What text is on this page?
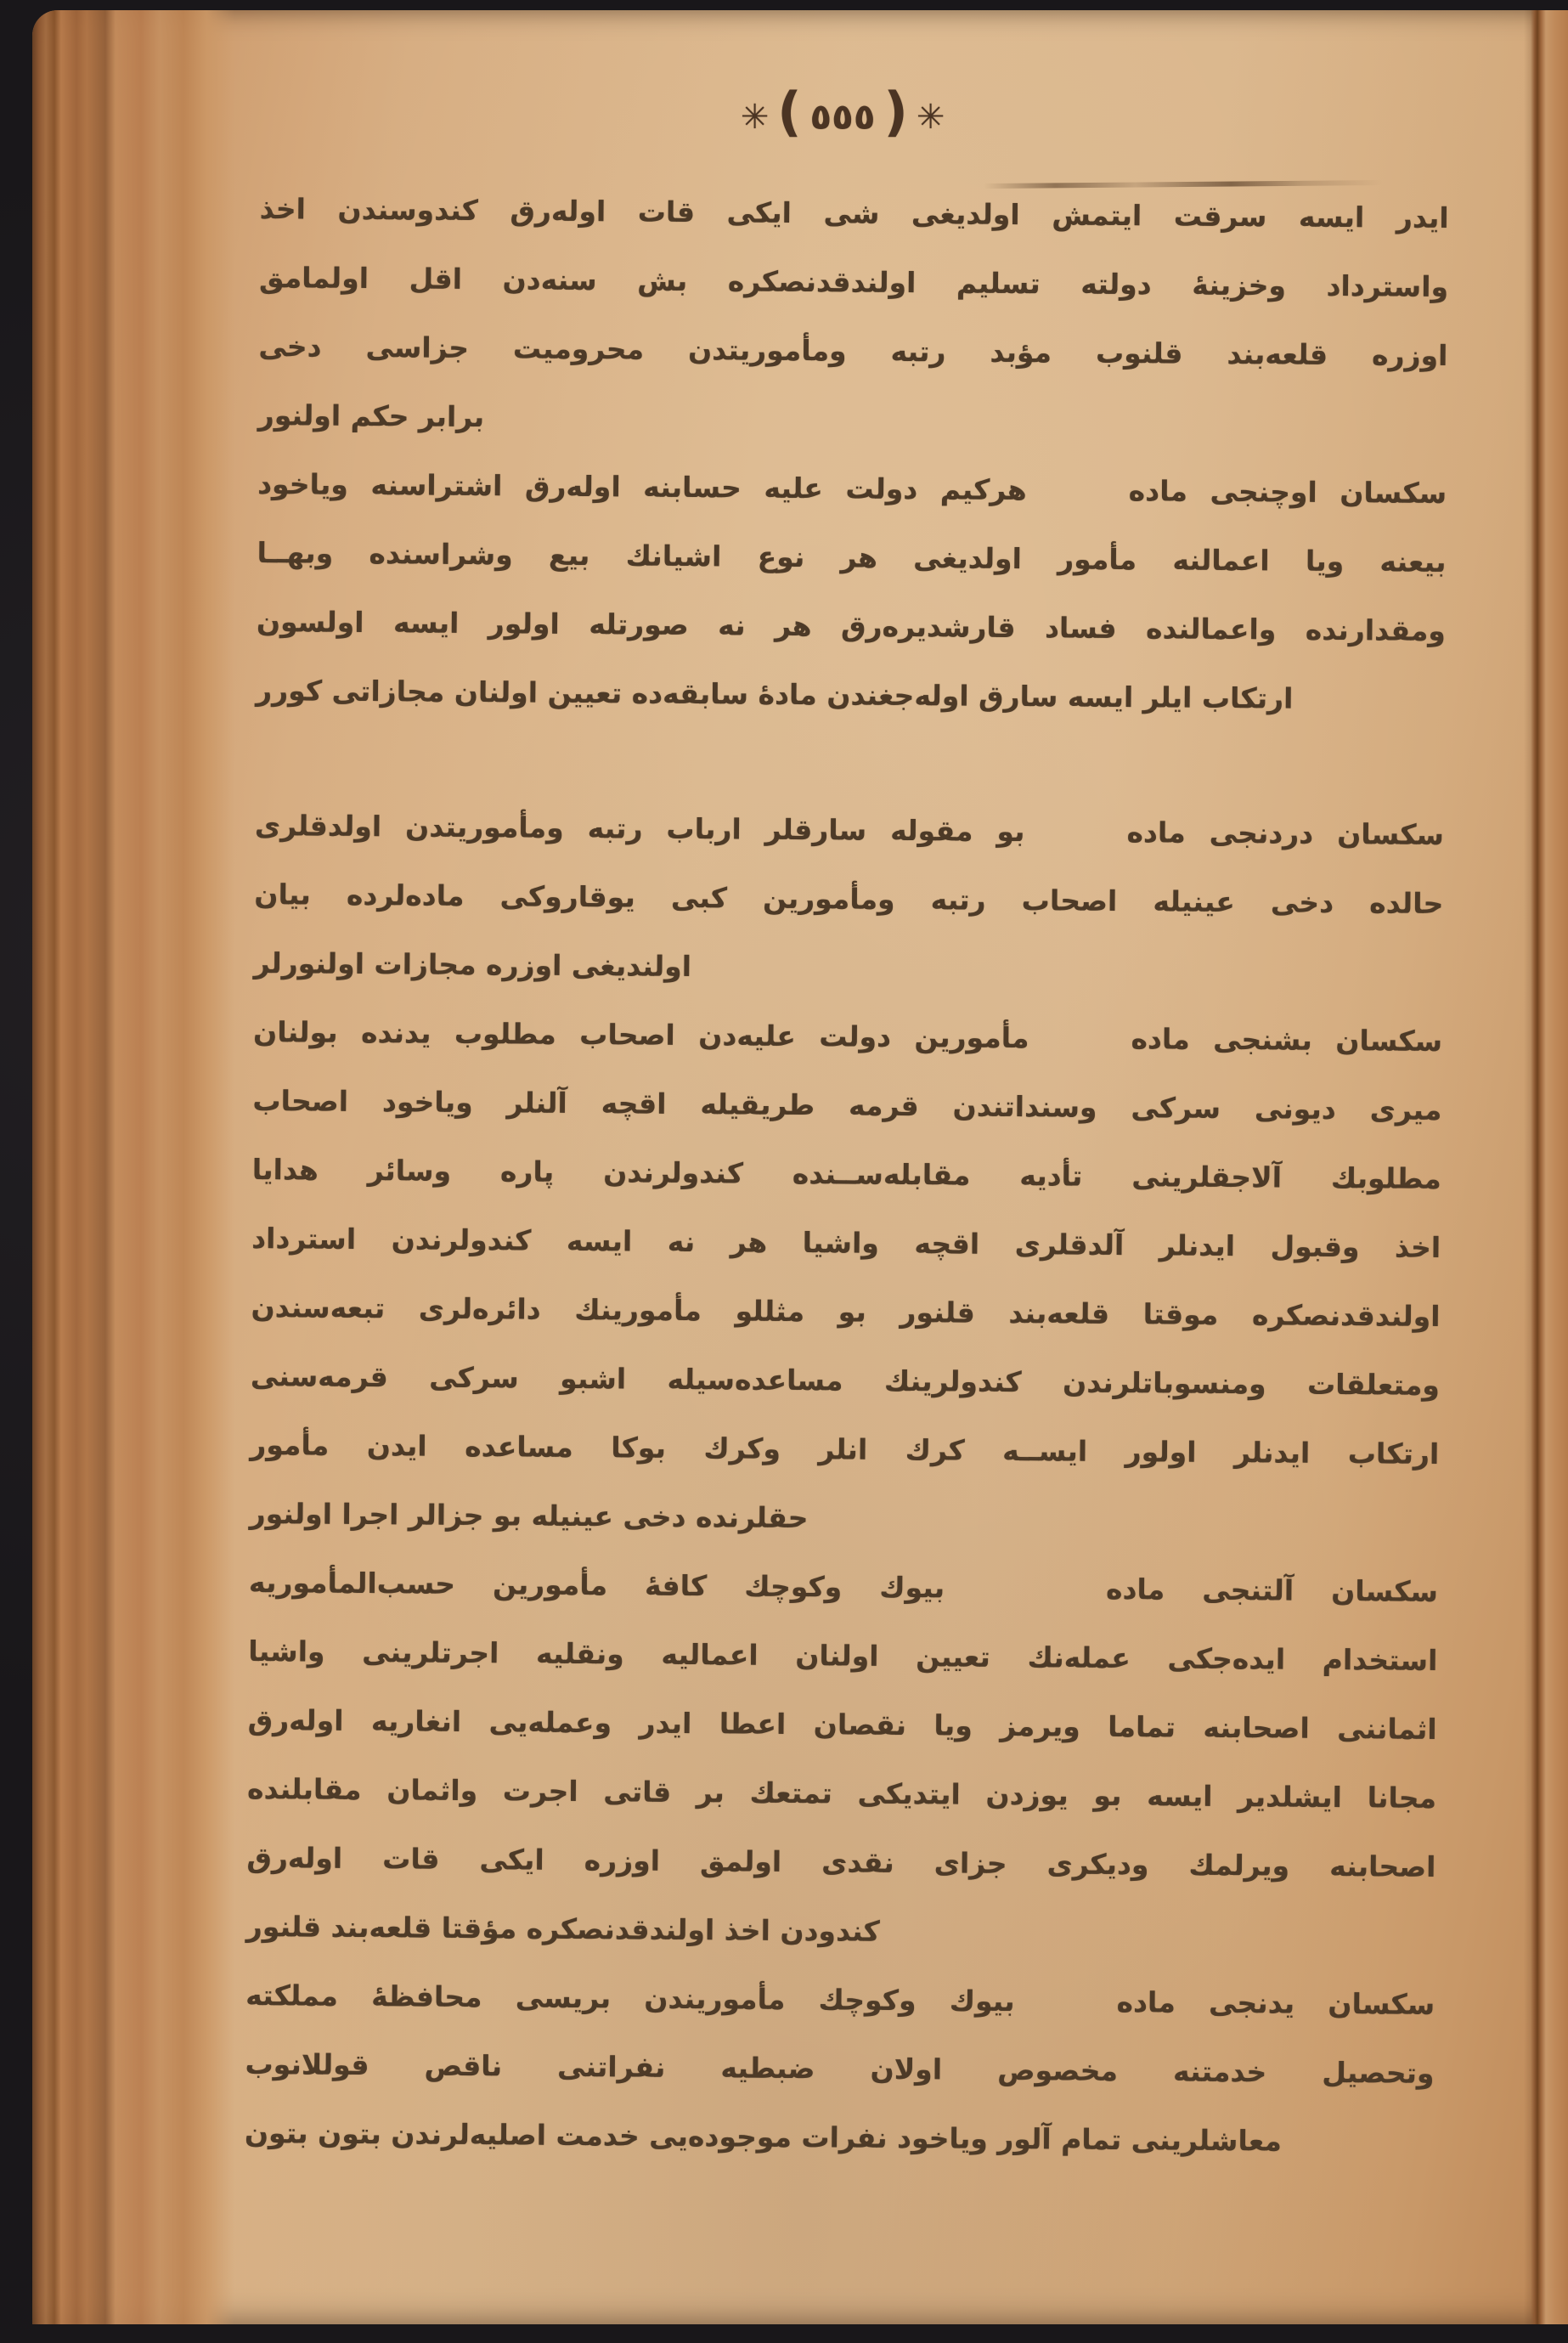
✳ ( ٥٥٥ ) ✳
ایدر ایسه سرقت ایتمش اولدیغی شی ایکی قات اوله‌رق کندوسندن اخذ
واسترداد وخزینهٔ دولته تسلیم اولندقدنصکره بش سنه‌دن اقل اولمامق
اوزره قلعه‌بند قلنوب مؤبد رتبه ومأموریتدن محرومیت جزاسی دخی
برابر حکم اولنور
سکسان اوچنجی مادههرکیم دولت علیه حسابنه اوله‌رق اشتراسنه ویاخود
بیعنه ویا اعمالنه مأمور اولدیغی هر نوع اشیانك بیع وشراسنده وبهــا
ومقدارنده واعمالنده فساد قارشدیره‌رق هر نه صورتله اولور ایسه اولسون
ارتکاب ایلر ایسه سارق اوله‌جغندن مادهٔ سابقه‌ده تعیین اولنان مجازاتی کورر
سکسان دردنجی مادهبو مقوله سارقلر ارباب رتبه ومأموریتدن اولدقلری
حالده دخی عینیله اصحاب رتبه ومأمورین کبی یوقاروکی ماده‌لرده بیان
اولندیغی اوزره مجازات اولنورلر
سکسان بشنجی مادهمأمورین دولت علیه‌دن اصحاب مطلوب یدنده بولنان
میری دیونی سرکی وسنداتندن قرمه طریقیله اقچه آلنلر ویاخود اصحاب
مطلوبك آلاجقلرینی تأدیه مقابله‌ســنده کندولرندن پاره وسائر هدایا
اخذ وقبول ایدنلر آلدقلری اقچه واشیا هر نه ایسه کندولرندن استرداد
اولندقدنصکره موقتا قلعه‌بند قلنور بو مثللو مأمورینك دائره‌لری تبعه‌سندن
ومتعلقات ومنسوباتلرندن کندولرینك مساعده‌سیله اشبو سرکی قرمه‌سنی
ارتکاب ایدنلر اولور ایســه کرك انلر وکرك بوکا مساعده ایدن مأمور
حقلرنده دخی عینیله بو جزالر اجرا اولنور
سکسان آلتنجی مادهبیوك وکوچك کافهٔ مأمورین حسب‌المأموریه
استخدام ایده‌جکی عمله‌نك تعیین اولنان اعمالیه ونقلیه اجرتلرینی واشیا
اثماننی اصحابنه تماما ویرمز ویا نقصان اعطا ایدر وعمله‌یی انغاریه اوله‌رق
مجانا ایشلدیر ایسه بو یوزدن ایتدیکی تمتعك بر قاتی اجرت واثمان مقابلنده
اصحابنه ویرلمك ودیکری جزای نقدی اولمق اوزره ایکی قات اوله‌رق
کندودن اخذ اولندقدنصکره مؤقتا قلعه‌بند قلنور
سکسان یدنجی مادهبیوك وکوچك مأموریندن بریسی محافظهٔ مملکته
وتحصیل خدمتنه مخصوص اولان ضبطیه نفراتنی ناقص قوللانوب
معاشلرینی تمام آلور ویاخود نفرات موجوده‌یی خدمت اصلیه‌لرندن بتون بتون
